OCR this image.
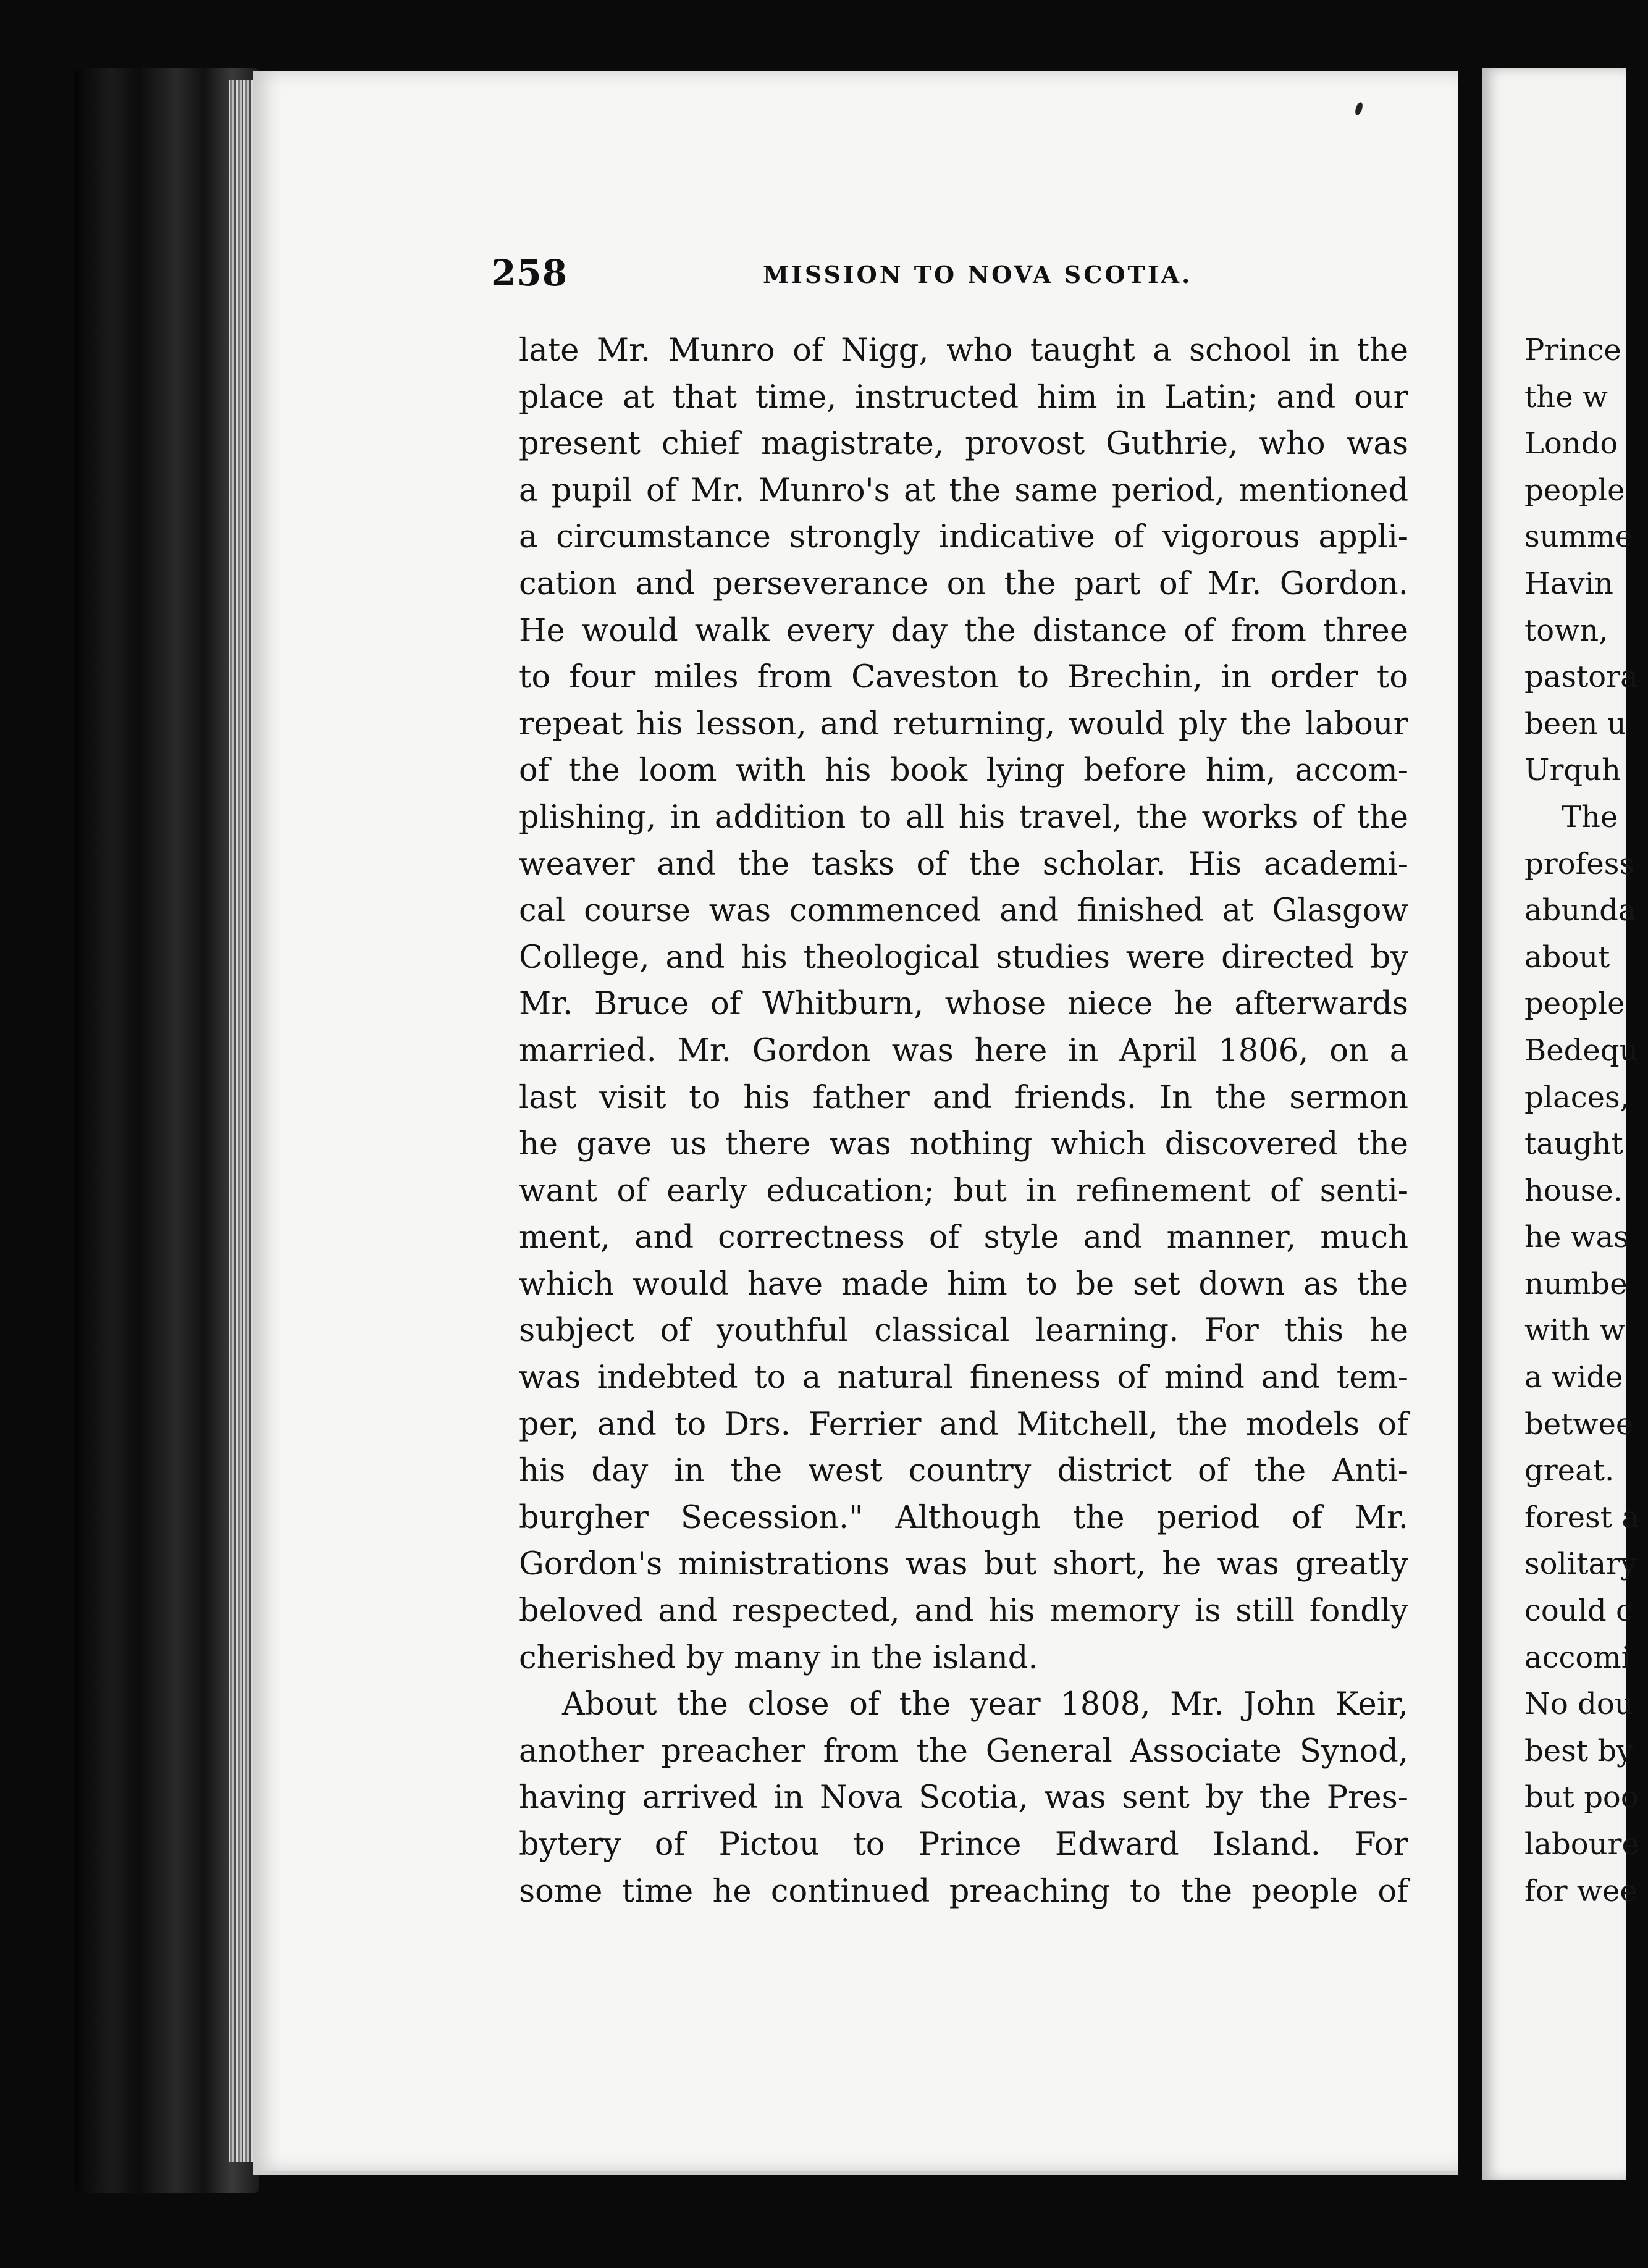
258	MISSION TO NOVA SCOTIA.
late Mr. Munro of Nigg, who taught a school in the
place at that time, instructed him in Latin; and our
present chief magistrate, provost Guthrie, who was
a pupil of Mr. Munro's at the same period, mentioned
a circumstance strongly indicative of vigorous appli-
cation and perseverance on the part of Mr. Gordon.
He would walk every day the distance of from three
to four miles from Caveston to Brechin, in order to
repeat his lesson, and returning, would ply the labour
of the loom with his book lying before him, accom-
plishing, in addition to all his travel, the works of the
weaver and the tasks of the scholar. His academi-
cal course was commenced and finished at Glasgow
College, and his theological studies were directed by
Mr. Bruce of Whitburn, whose niece he afterwards
married. Mr. Gordon was here in April 1806, on a
last visit to his father and friends. In the sermon
he gave us there was nothing which discovered the
want of early education; but in refinement of senti-
ment, and correctness of style and manner, much
which would have made him to be set down as the
subject of youthful classical learning. For this he
was indebted to a natural fineness of mind and tem-
per, and to Drs. Ferrier and Mitchell, the models of
his day in the west country district of the Anti-
burgher Secession." Although the period of Mr.
Gordon's ministrations was but short, he was greatly
beloved and respected, and his memory is still fondly
cherished by many in the island.
About the close of the year 1808, Mr. John Keir,
another preacher from the General Associate Synod,
having arrived in Nova Scotia, was sent by the Pres-
bytery of Pictou to Prince Edward Island. For
some time he continued preaching to the people of
Prince
the w
Londo
people
summe
Havin
town,
pastora
been u
Urquh
The
profess
abunda
about
people
Bedequ
places,
taught
house.
he was
numbe
with w
a wide
betwee
great.
forest a
solitary
could c
accomi
No dou
best by
but poo
laboure
for wee
